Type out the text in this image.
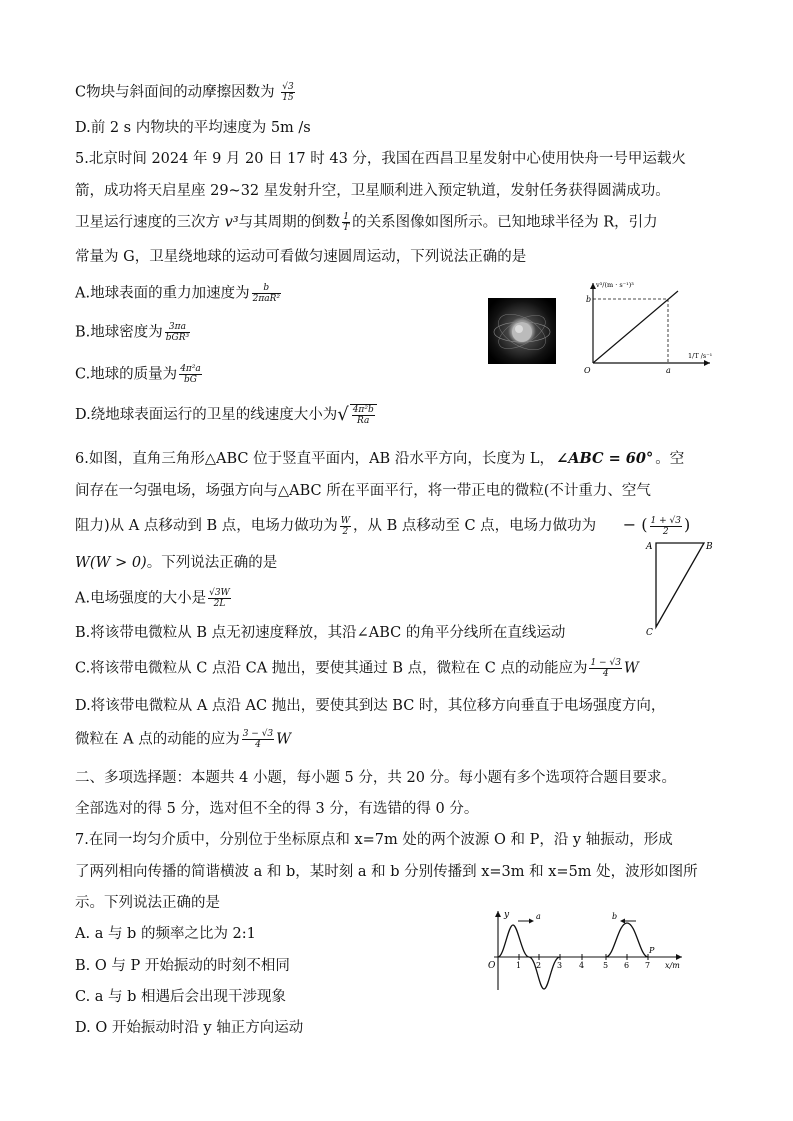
C物块与斜面间的动摩擦因数为 $\frac{√3}{15}$
D.前 2 s 内物块的平均速度为 5m /s
5.北京时间 2024 年 9 月 20 日 17 时 43 分，我国在西昌卫星发射中心使用快舟一号甲运载火
箭，成功将天启星座 29~32 星发射升空，卫星顺利进入预定轨道，发射任务获得圆满成功。
卫星运行速度的三次方 v³与其周期的倒数 $\frac{1}{T}$ 的关系图像如图所示。已知地球半径为 R，引力
常量为 G，卫星绕地球的运动可看做匀速圆周运动，下列说法正确的是
A.地球表面的重力加速度为 $\frac{b}{\text{2πaR²}}$
B.地球密度为 $\frac{3\pi a}{\text{bGR³}}$
C.地球的质量为 $\frac{\text{4π²a}}{bG}$
D.绕地球表面运行的卫星的线速度大小为√ $\frac{\text{4π²b}}{Ra}$
v³/(m · s⁻¹)³
b
O	a
1/T /s⁻¹
6.如图，直角三角形△ABC 位于竖直平面内，AB 沿水平方向，长度为 L， ∠ABC = 60° 。空
间存在一匀强电场，场强方向与△ABC 所在平面平行，将一带正电的微粒(不计重力、空气
阻力)从 A 点移动到 B 点，电场力做功为 $\frac{W}{2}$ ，从 B 点移动至 C 点，电场力做功为 − ( $\frac{1 + √3}{2}$ )
W(W > 0)。下列说法正确的是
A.电场强度的大小是 $\frac{√3W}{2L}$
B.将该带电微粒从 B 点无初速度释放，其沿∠ABC 的角平分线所在直线运动
C.将该带电微粒从 C 点沿 CA 抛出，要使其通过 B 点，微粒在 C 点的动能应为 $\frac{1 - √3}{4}$ W
D.将该带电微粒从 A 点沿 AC 抛出，要使其到达 BC 时，其位移方向垂直于电场强度方向，
微粒在 A 点的动能的应为 $\frac{3 - √3}{4}$ W
A	B
C
二、多项选择题：本题共 4 小题，每小题 5 分，共 20 分。每小题有多个选项符合题目要求。
全部选对的得 5 分，选对但不全的得 3 分，有选错的得 0 分。
7.在同一均匀介质中，分别位于坐标原点和 x=7m 处的两个波源 O 和 P，沿 y 轴振动，形成
了两列相向传播的简谐横波 a 和 b，某时刻 a 和 b 分别传播到 x=3m 和 x=5m 处，波形如图所
示。下列说法正确的是
A. a 与 b 的频率之比为 2:1
B. O 与 P 开始振动的时刻不相同
C. a 与 b 相遇后会出现干涉现象
D. O 开始振动时沿 y 轴正方向运动
y
O	1 2 3 4 5 6 7 x/m
P
a	b
